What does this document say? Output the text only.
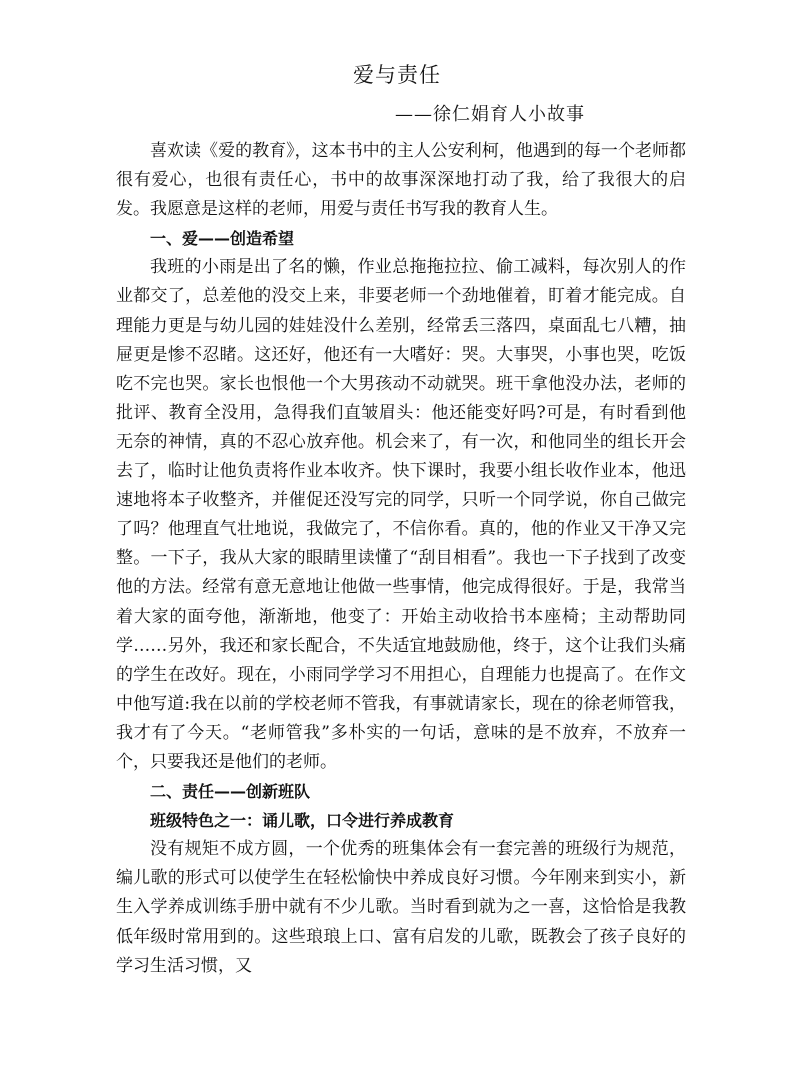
爱与责任
——徐仁娟育人小故事

喜欢读《爱的教育》，这本书中的主人公安利柯，他遇到的每一个老师都很有爱心，也很有责任心，书中的故事深深地打动了我，给了我很大的启发。我愿意是这样的老师，用爱与责任书写我的教育人生。

一、爱——创造希望

我班的小雨是出了名的懒，作业总拖拖拉拉、偷工减料，每次别人的作业都交了，总差他的没交上来，非要老师一个劲地催着，盯着才能完成。自理能力更是与幼儿园的娃娃没什么差别，经常丢三落四，桌面乱七八糟，抽屉更是惨不忍睹。这还好，他还有一大嗜好：哭。大事哭，小事也哭，吃饭吃不完也哭。家长也恨他一个大男孩动不动就哭。班干拿他没办法，老师的批评、教育全没用，急得我们直皱眉头：他还能变好吗?可是，有时看到他无奈的神情，真的不忍心放弃他。机会来了，有一次，和他同坐的组长开会去了，临时让他负责将作业本收齐。快下课时，我要小组长收作业本，他迅速地将本子收整齐，并催促还没写完的同学，只听一个同学说，你自己做完了吗？他理直气壮地说，我做完了，不信你看。真的，他的作业又干净又完整。一下子，我从大家的眼睛里读懂了“刮目相看”。我也一下子找到了改变他的方法。经常有意无意地让他做一些事情，他完成得很好。于是，我常当着大家的面夸他，渐渐地，他变了：开始主动收拾书本座椅；主动帮助同学……另外，我还和家长配合，不失适宜地鼓励他，终于，这个让我们头痛的学生在改好。现在，小雨同学学习不用担心，自理能力也提高了。在作文中他写道:我在以前的学校老师不管我，有事就请家长，现在的徐老师管我，我才有了今天。“老师管我”多朴实的一句话，意味的是不放弃，不放弃一个，只要我还是他们的老师。

二、责任——创新班队

班级特色之一：诵儿歌，口令进行养成教育

没有规矩不成方圆，一个优秀的班集体会有一套完善的班级行为规范，编儿歌的形式可以使学生在轻松愉快中养成良好习惯。今年刚来到实小，新生入学养成训练手册中就有不少儿歌。当时看到就为之一喜，这恰恰是我教低年级时常用到的。这些琅琅上口、富有启发的儿歌，既教会了孩子良好的学习生活习惯，又
